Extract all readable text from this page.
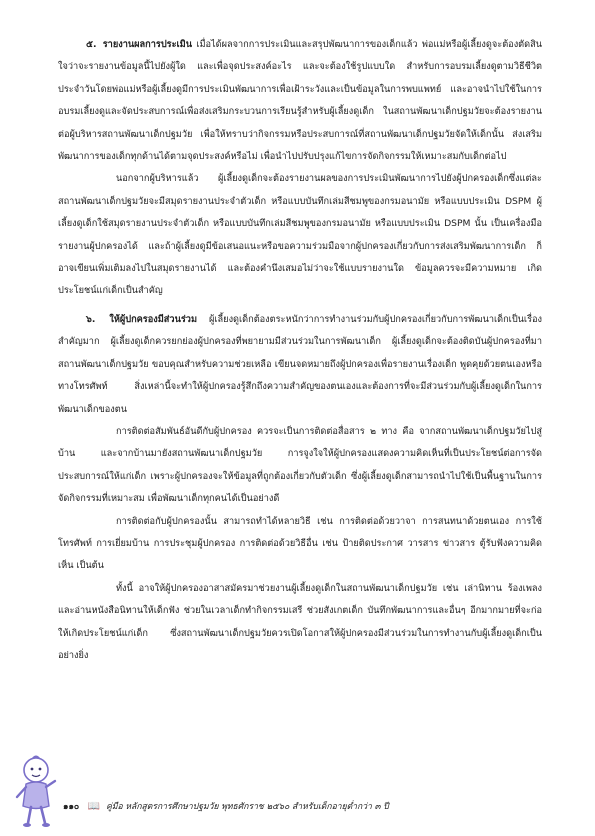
๕. รายงานผลการประเมิน เมื่อได้ผลจากการประเมินและสรุปพัฒนาการของเด็กแล้ว พ่อแม่หรือผู้เลี้ยงดูจะต้องตัดสินใจว่าจะรายงานข้อมูลนี้ไปยังผู้ใด และเพื่อจุดประสงค์อะไร และจะต้องใช้รูปแบบใด สำหรับการอบรมเลี้ยงดูตามวิธีชีวิตประจำวันโดยพ่อแม่หรือผู้เลี้ยงดูมีการประเมินพัฒนาการเพื่อเฝ้าระวังและเป็นข้อมูลในการพบแพทย์ และอาจนำไปใช้ในการอบรมเลี้ยงดูและจัดประสบการณ์เพื่อส่งเสริมกระบวนการเรียนรู้สำหรับผู้เลี้ยงดูเด็ก ในสถานพัฒนาเด็กปฐมวัยจะต้องรายงานต่อผู้บริหารสถานพัฒนาเด็กปฐมวัย เพื่อให้ทราบว่ากิจกรรมหรือประสบการณ์ที่สถานพัฒนาเด็กปฐมวัยจัดให้เด็กนั้น ส่งเสริมพัฒนาการของเด็กทุกด้านได้ตามจุดประสงค์หรือไม่ เพื่อนำไปปรับปรุงแก้ไขการจัดกิจกรรมให้เหมาะสมกับเด็กต่อไป

นอกจากผู้บริหารแล้ว ผู้เลี้ยงดูเด็กจะต้องรายงานผลของการประเมินพัฒนาการไปยังผู้ปกครองเด็กซึ่งแต่ละสถานพัฒนาเด็กปฐมวัยจะมีสมุดรายงานประจำตัวเด็ก หรือแบบบันทึกเล่มสีชมพูของกรมอนามัย หรือแบบประเมิน DSPM ผู้เลี้ยงดูเด็กใช้สมุดรายงานประจำตัวเด็ก หรือแบบบันทึกเล่มสีชมพูของกรมอนามัย หรือแบบประเมิน DSPM นั้น เป็นเครื่องมือรายงานผู้ปกครองได้ และถ้าผู้เลี้ยงดูมีข้อเสนอแนะหรือขอความร่วมมือจากผู้ปกครองเกี่ยวกับการส่งเสริมพัฒนาการเด็ก ก็อาจเขียนเพิ่มเติมลงไปในสมุดรายงานได้ และต้องคำนึงเสมอไม่ว่าจะใช้แบบรายงานใด ข้อมูลควรจะมีความหมาย เกิดประโยชน์แก่เด็กเป็นสำคัญ

๖. ให้ผู้ปกครองมีส่วนร่วม ผู้เลี้ยงดูเด็กต้องตระหนักว่าการทำงานร่วมกับผู้ปกครองเกี่ยวกับการพัฒนาเด็กเป็นเรื่องสำคัญมาก ผู้เลี้ยงดูเด็กควรยกย่องผู้ปกครองที่พยายามมีส่วนร่วมในการพัฒนาเด็ก ผู้เลี้ยงดูเด็กจะต้องติดบันผู้ปกครองที่มาสถานพัฒนาเด็กปฐมวัย ขอบคุณสำหรับความช่วยเหลือ เขียนจดหมายถึงผู้ปกครองเพื่อรายงานเรื่องเด็ก พูดคุยด้วยตนเองหรือทางโทรศัพท์ สิ่งเหล่านี้จะทำให้ผู้ปกครองรู้สึกถึงความสำคัญของตนเองและต้องการที่จะมีส่วนร่วมกับผู้เลี้ยงดูเด็กในการพัฒนาเด็กของตน

การติดต่อสัมพันธ์อันดีกับผู้ปกครอง ควรจะเป็นการติดต่อสื่อสาร ๒ ทาง คือ จากสถานพัฒนาเด็กปฐมวัยไปสู่บ้าน และจากบ้านมายังสถานพัฒนาเด็กปฐมวัย การจูงใจให้ผู้ปกครองแสดงความคิดเห็นที่เป็นประโยชน์ต่อการจัดประสบการณ์ให้แก่เด็ก เพราะผู้ปกครองจะให้ข้อมูลที่ถูกต้องเกี่ยวกับตัวเด็ก ซึ่งผู้เลี้ยงดูเด็กสามารถนำไปใช้เป็นพื้นฐานในการจัดกิจกรรมที่เหมาะสม เพื่อพัฒนาเด็กทุกคนได้เป็นอย่างดี

การติดต่อกับผู้ปกครองนั้น สามารถทำได้หลายวิธี เช่น การติดต่อด้วยวาจา การสนทนาด้วยตนเอง การใช้โทรศัพท์ การเยี่ยมบ้าน การประชุมผู้ปกครอง การติดต่อด้วยวิธีอื่น เช่น ป้ายติดประกาศ วารสาร ข่าวสาร ตู้รับฟังความคิดเห็น เป็นต้น

ทั้งนี้ อาจให้ผู้ปกครองอาสาสมัครมาช่วยงานผู้เลี้ยงดูเด็กในสถานพัฒนาเด็กปฐมวัย เช่น เล่านิทาน ร้องเพลง และอ่านหนังสือนิทานให้เด็กฟัง ช่วยในเวลาเด็กทำกิจกรรมเสรี ช่วยสังเกตเด็ก บันทึกพัฒนาการและอื่นๆ อีกมากมายที่จะก่อให้เกิดประโยชน์แก่เด็ก ซึ่งสถานพัฒนาเด็กปฐมวัยควรเปิดโอกาสให้ผู้ปกครองมีส่วนร่วมในการทำงานกับผู้เลี้ยงดูเด็กเป็นอย่างยิ่ง

๑๑๐ 📖 คู่มือ หลักสูตรการศึกษาปฐมวัย พุทธศักราช ๒๕๖๐ สำหรับเด็กอายุต่ำกว่า ๓ ปี
